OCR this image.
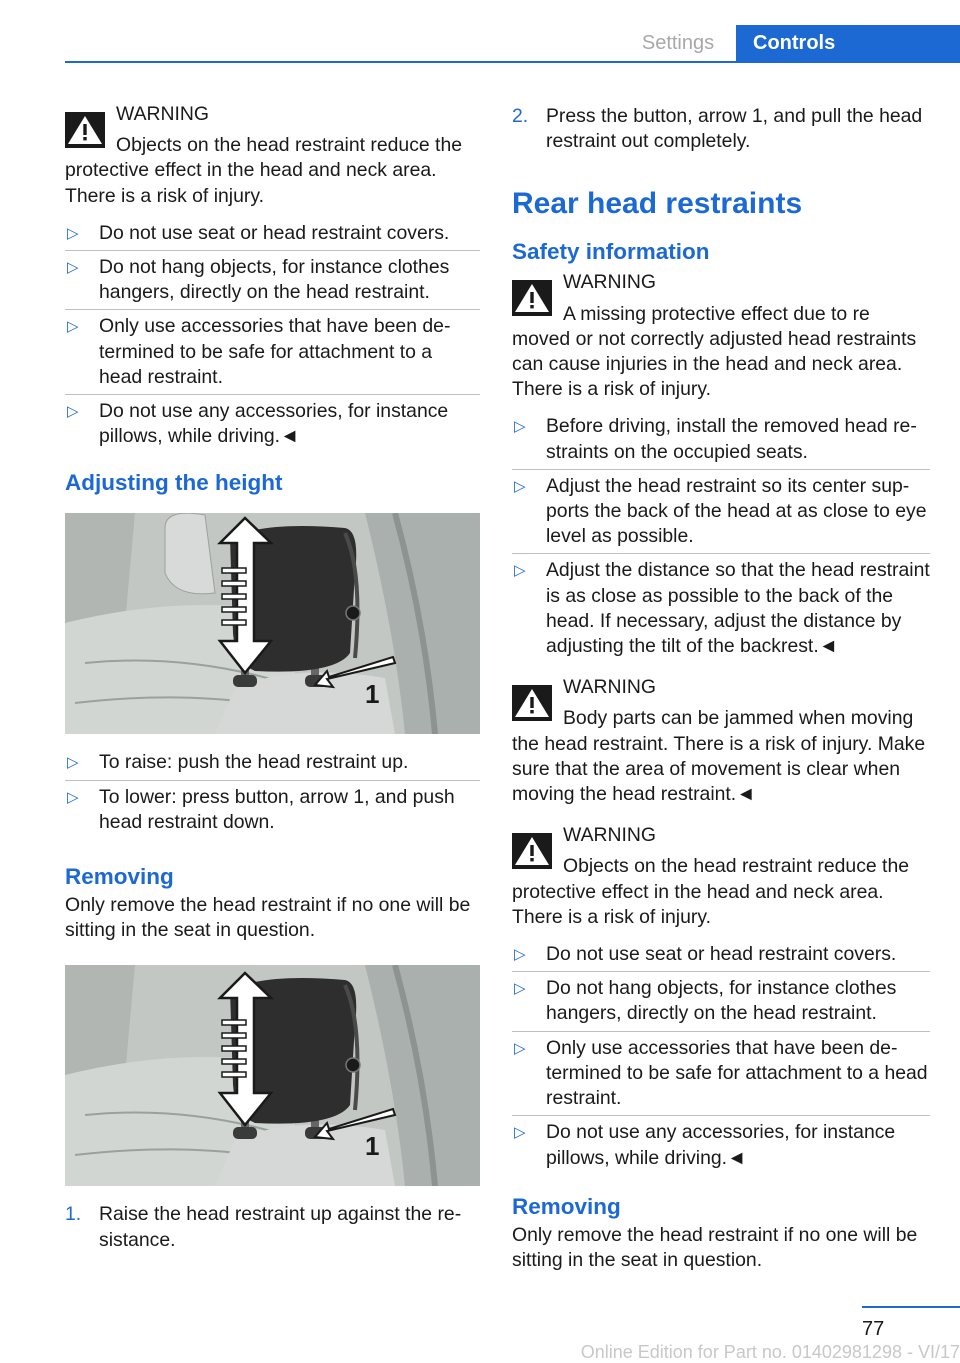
Settings	Controls
WARNING
Objects on the head restraint reduce the
protective effect in the head and neck area. There is a risk of injury.
▷ Do not use seat or head restraint covers.
▷ Do not hang objects, for instance clothes hangers, directly on the head restraint.
▷ Only use accessories that have been determined to be safe for attachment to a head restraint.
▷ Do not use any accessories, for instance pillows, while driving.◄
Adjusting the height
1
▷ To raise: push the head restraint up.
▷ To lower: press button, arrow 1, and push head restraint down.
Removing

Only remove the head restraint if no one will be sitting in the seat in question.

1
1. Raise the head restraint up against the resistance.
2. Press the button, arrow 1, and pull the head restraint out completely.
Rear head restraints
Safety information
WARNING
A missing protective effect due to re
moved or not correctly adjusted head restraints can cause injuries in the head and neck area. There is a risk of injury.
▷ Before driving, install the removed head restraints on the occupied seats.
▷ Adjust the head restraint so its center supports the back of the head at as close to eye level as possible.
▷ Adjust the distance so that the head restraint is as close as possible to the back of the head. If necessary, adjust the distance by adjusting the tilt of the backrest.◄
WARNING
Body parts can be jammed when moving
the head restraint. There is a risk of injury. Make sure that the area of movement is clear when moving the head restraint.◄
WARNING
Objects on the head restraint reduce the
protective effect in the head and neck area. There is a risk of injury.
▷ Do not use seat or head restraint covers.
▷ Do not hang objects, for instance clothes hangers, directly on the head restraint.
▷ Only use accessories that have been determined to be safe for attachment to a head restraint.
▷ Do not use any accessories, for instance pillows, while driving.◄
Removing

Only remove the head restraint if no one will be sitting in the seat in question.

77
Online Edition for Part no. 01402981298 - VI/17
